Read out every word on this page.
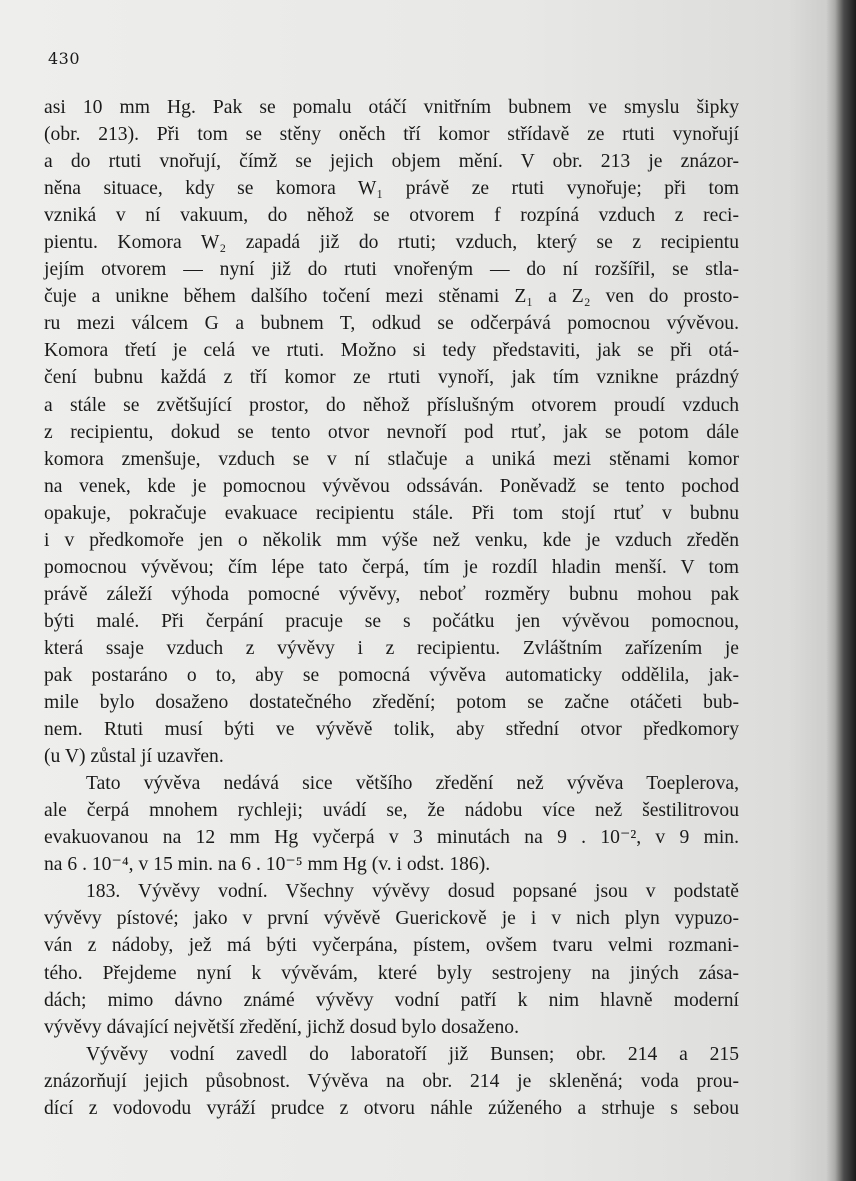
430
asi 10 mm Hg. Pak se pomalu otáčí vnitřním bubnem ve smyslu šipky
(obr. 213). Při tom se stěny oněch tří komor střídavě ze rtuti vynořují
a do rtuti vnořují, čímž se jejich objem mění. V obr. 213 je znázor-
něna situace, kdy se komora W₁ právě ze rtuti vynořuje; při tom
vzniká v ní vakuum, do něhož se otvorem f rozpíná vzduch z reci-
pientu. Komora W₂ zapadá již do rtuti; vzduch, který se z recipientu
jejím otvorem — nyní již do rtuti vnořeným — do ní rozšířil, se stla-
čuje a unikne během dalšího točení mezi stěnami Z₁ a Z₂ ven do prosto-
ru mezi válcem G a bubnem T, odkud se odčerpává pomocnou vývěvou.
Komora třetí je celá ve rtuti. Možno si tedy představiti, jak se při otá-
čení bubnu každá z tří komor ze rtuti vynoří, jak tím vznikne prázdný
a stále se zvětšující prostor, do něhož příslušným otvorem proudí vzduch
z recipientu, dokud se tento otvor nevnoří pod rtuť, jak se potom dále
komora zmenšuje, vzduch se v ní stlačuje a uniká mezi stěnami komor
na venek, kde je pomocnou vývěvou odssáván. Poněvadž se tento pochod
opakuje, pokračuje evakuace recipientu stále. Při tom stojí rtuť v bubnu
i v předkomoře jen o několik mm výše než venku, kde je vzduch zředěn
pomocnou vývěvou; čím lépe tato čerpá, tím je rozdíl hladin menší. V tom
právě záleží výhoda pomocné vývěvy, neboť rozměry bubnu mohou pak
býti malé. Při čerpání pracuje se s počátku jen vývěvou pomocnou,
která ssaje vzduch z vývěvy i z recipientu. Zvláštním zařízením je
pak postaráno o to, aby se pomocná vývěva automaticky oddělila, jak-
mile bylo dosaženo dostatečného zředění; potom se začne otáčeti bub-
nem. Rtuti musí býti ve vývěvě tolik, aby střední otvor předkomory
(u V) zůstal jí uzavřen.
Tato vývěva nedává sice většího zředění než vývěva Toeplerova,
ale čerpá mnohem rychleji; uvádí se, že nádobu více než šestilitrovou
evakuovanou na 12 mm Hg vyčerpá v 3 minutách na 9 . 10⁻², v 9 min.
na 6 . 10⁻⁴, v 15 min. na 6 . 10⁻⁵ mm Hg (v. i odst. 186).
183. Vývěvy vodní. Všechny vývěvy dosud popsané jsou v podstatě
vývěvy pístové; jako v první vývěvě Guerickově je i v nich plyn vypuzo-
ván z nádoby, jež má býti vyčerpána, pístem, ovšem tvaru velmi rozmani-
tého. Přejdeme nyní k vývěvám, které byly sestrojeny na jiných zása-
dách; mimo dávno známé vývěvy vodní patří k nim hlavně moderní
vývěvy dávající největší zředění, jichž dosud bylo dosaženo.
Vývěvy vodní zavedl do laboratoří již Bunsen; obr. 214 a 215
znázorňují jejich působnost. Vývěva na obr. 214 je skleněná; voda prou-
dící z vodovodu vyráží prudce z otvoru náhle zúženého a strhuje s sebou
